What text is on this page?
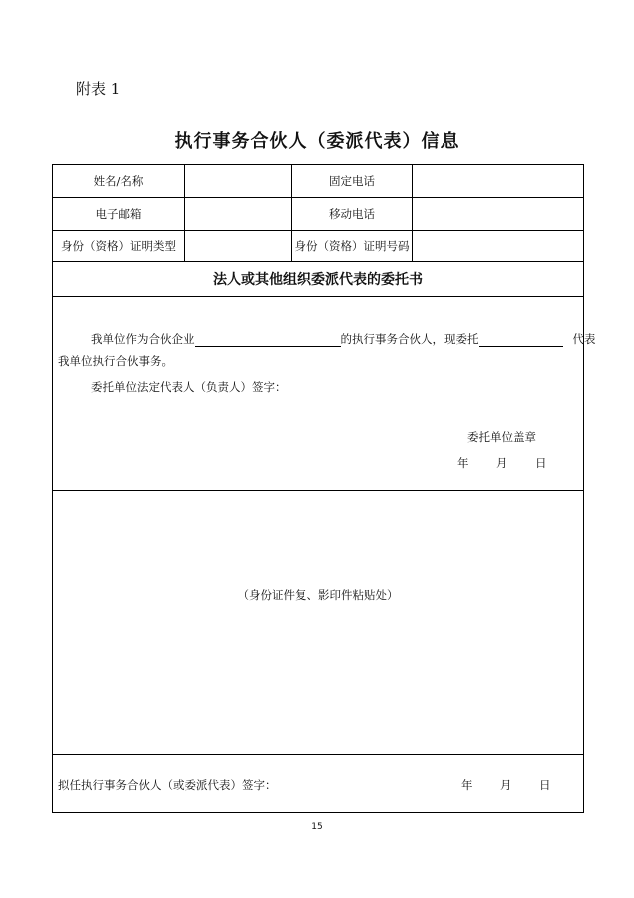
附表 1
执行事务合伙人（委派代表）信息
姓名/名称	固定电话
电子邮箱	移动电话
身份（资格）证明类型	身份（资格）证明号码
法人或其他组织委派代表的委托书
我单位作为合伙企业	的执行事务合伙人，现委托	代表
我单位执行合伙事务。
委托单位法定代表人（负责人）签字：
委托单位盖章
年 月 日
（身份证件复、影印件粘贴处）
拟任执行事务合伙人（或委派代表）签字：	年 月 日
15
